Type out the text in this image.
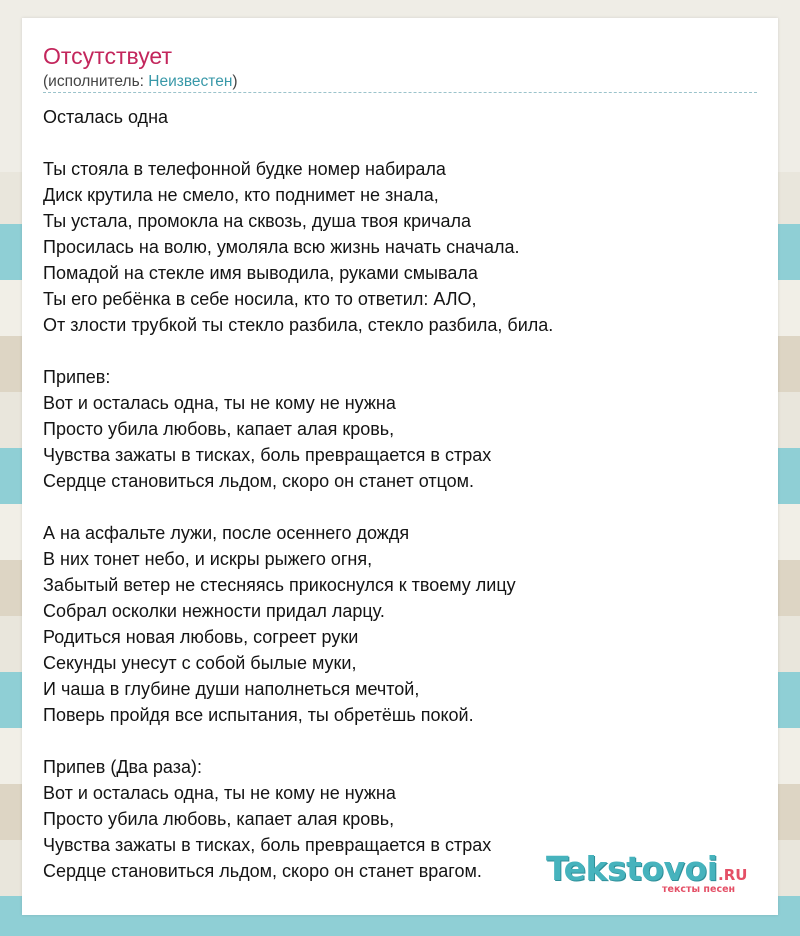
Отсутствует
(исполнитель: Неизвестен)
Осталась одна
Ты стояла в телефонной будке номер набирала
Диск крутила не смело, кто поднимет не знала,
Ты устала, промокла на сквозь, душа твоя кричала
Просилась на волю, умоляла всю жизнь начать сначала.
Помадой на стекле имя выводила, руками смывала
Ты его ребёнка в себе носила, кто то ответил: АЛО,
От злости трубкой ты стекло разбила, стекло разбила, била.
Припев:
Вот и осталась одна, ты не кому не нужна
Просто убила любовь, капает алая кровь,
Чувства зажаты в тисках, боль превращается в страх
Сердце становиться льдом, скоро он станет отцом.
А на асфальте лужи, после осеннего дождя
В них тонет небо, и искры рыжего огня,
Забытый ветер не стесняясь прикоснулся к твоему лицу
Собрал осколки нежности придал ларцу.
Родиться новая любовь, согреет руки
Секунды унесут с собой былые муки,
И чаша в глубине души наполнеться мечтой,
Поверь пройдя все испытания, ты обретёшь покой.
Припев (Два раза):
Вот и осталась одна, ты не кому не нужна
Просто убила любовь, капает алая кровь,
Чувства зажаты в тисках, боль превращается в страх
Сердце становиться льдом, скоро он станет врагом.	Tekstovoi .RU
тексты песен
